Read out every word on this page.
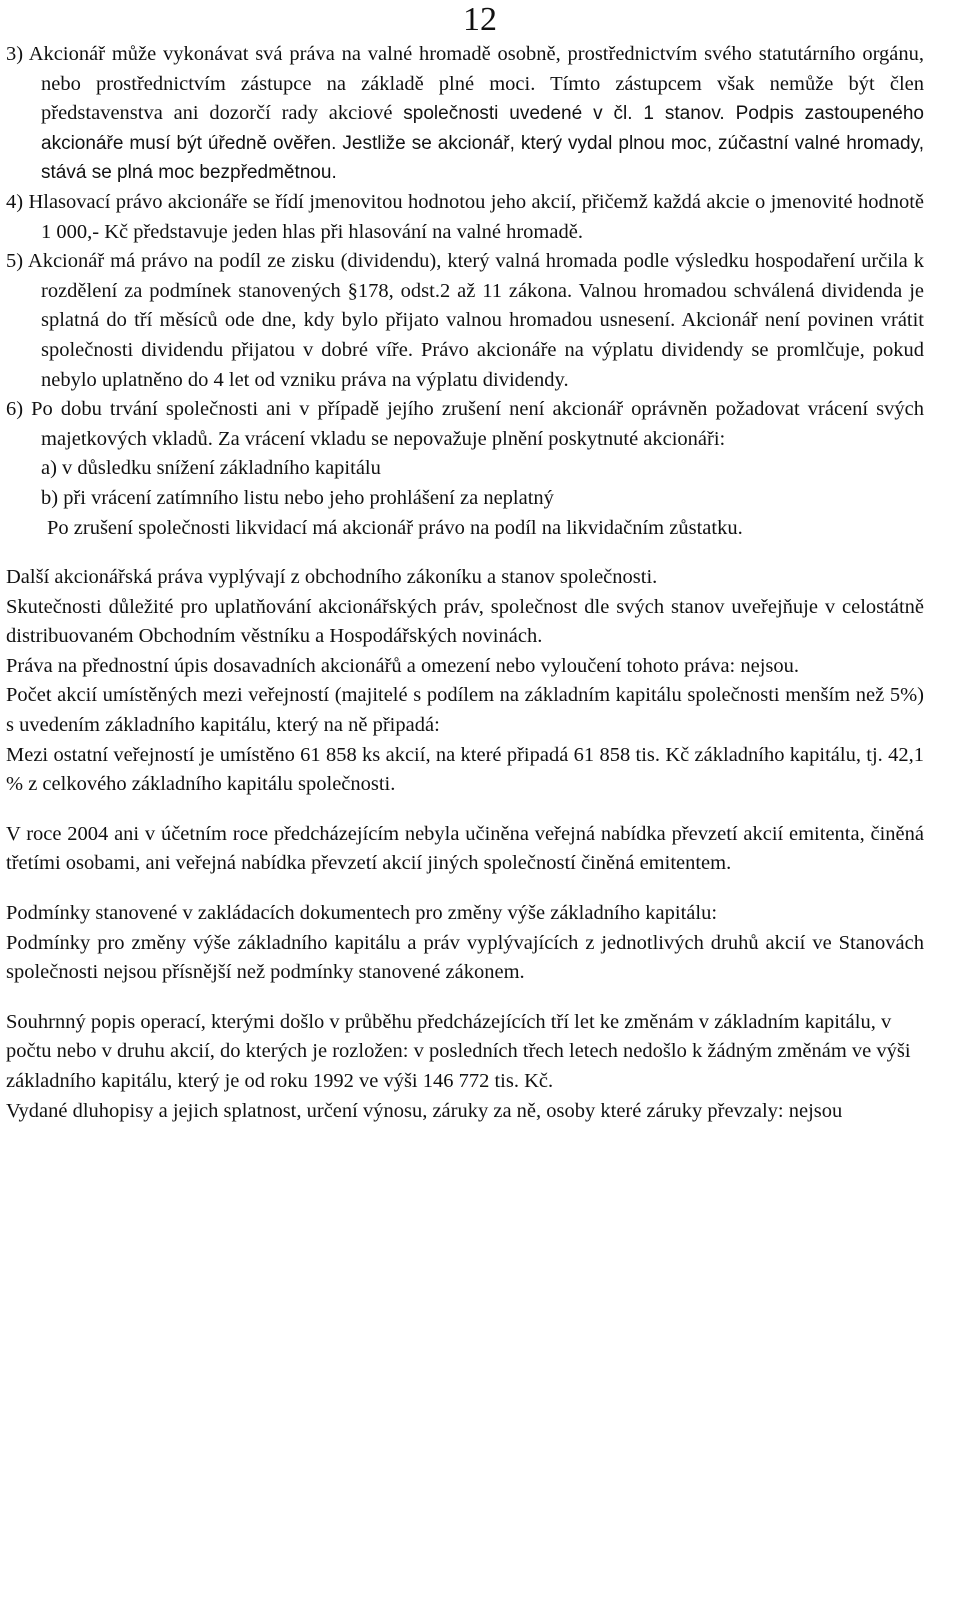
12

3) Akcionář může vykonávat svá práva na valné hromadě osobně, prostřednictvím svého statutárního orgánu, nebo prostřednictvím zástupce na základě plné moci. Tímto zástupcem však nemůže být člen představenstva ani dozorčí rady akciové společnosti uvedené v čl. 1 stanov. Podpis zastoupeného akcionáře musí být úředně ověřen. Jestliže se akcionář, který vydal plnou moc, zúčastní valné hromady, stává se plná moc bezpředmětnou.

4) Hlasovací právo akcionáře se řídí jmenovitou hodnotou jeho akcií, přičemž každá akcie o jmenovité hodnotě 1 000,- Kč představuje jeden hlas při hlasování na valné hromadě.

5) Akcionář má právo na podíl ze zisku (dividendu), který valná hromada podle výsledku hospodaření určila k rozdělení za podmínek stanovených §178, odst.2 až 11 zákona. Valnou hromadou schválená dividenda je splatná do tří měsíců ode dne, kdy bylo přijato valnou hromadou usnesení. Akcionář není povinen vrátit společnosti dividendu přijatou v dobré víře. Právo akcionáře na výplatu dividendy se promlčuje, pokud nebylo uplatněno do 4 let od vzniku práva na výplatu dividendy.

6) Po dobu trvání společnosti ani v případě jejího zrušení není akcionář oprávněn požadovat vrácení svých majetkových vkladů. Za vrácení vkladu se nepovažuje plnění poskytnuté akcionáři:

a) v důsledku snížení základního kapitálu

b) při vrácení zatímního listu nebo jeho prohlášení za neplatný

Po zrušení společnosti likvidací má akcionář právo na podíl na likvidačním zůstatku.

Další akcionářská práva vyplývají z obchodního zákoníku a stanov společnosti.

Skutečnosti důležité pro uplatňování akcionářských práv, společnost dle svých stanov uveřejňuje v celostátně distribuovaném Obchodním věstníku a Hospodářských novinách.

Práva na přednostní úpis dosavadních akcionářů a omezení nebo vyloučení tohoto práva: nejsou.

Počet akcií umístěných mezi veřejností (majitelé s podílem na základním kapitálu společnosti menším než 5%) s uvedením základního kapitálu, který na ně připadá:

Mezi ostatní veřejností je umístěno 61 858 ks akcií, na které připadá 61 858 tis. Kč základního kapitálu, tj. 42,1 % z celkového základního kapitálu společnosti.

V roce 2004 ani v účetním roce předcházejícím nebyla učiněna veřejná nabídka převzetí akcií emitenta, činěná třetími osobami, ani veřejná nabídka převzetí akcií jiných společností činěná emitentem.

Podmínky stanovené v zakládacích dokumentech pro změny výše základního kapitálu:

Podmínky pro změny výše základního kapitálu a práv vyplývajících z jednotlivých druhů akcií ve Stanovách společnosti nejsou přísnější než podmínky stanovené zákonem.

Souhrnný popis operací, kterými došlo v průběhu předcházejících tří let ke změnám v základním kapitálu, v počtu nebo v druhu akcií, do kterých je rozložen: v posledních třech letech nedošlo k žádným změnám ve výši základního kapitálu, který je od roku 1992 ve výši 146 772 tis. Kč.

Vydané dluhopisy a jejich splatnost, určení výnosu, záruky za ně, osoby které záruky převzaly: nejsou
